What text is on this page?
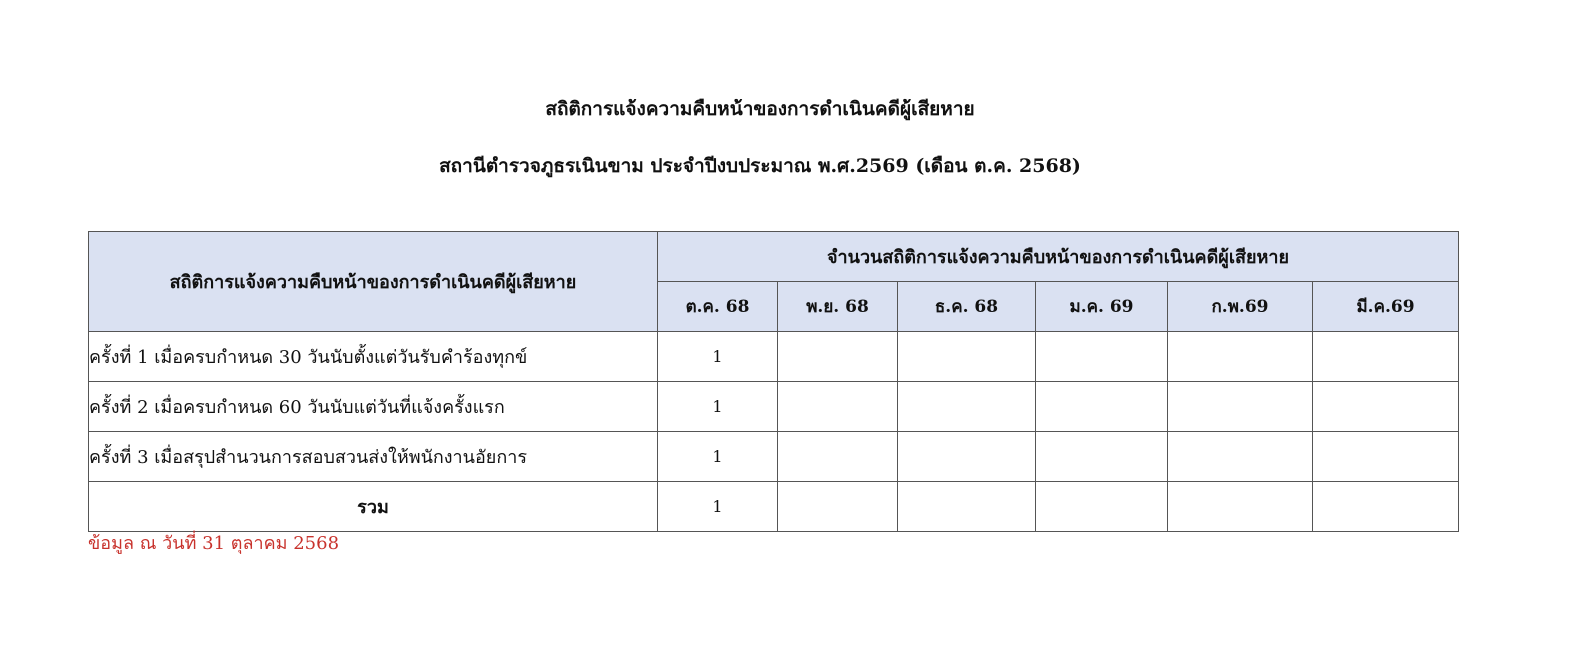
สถิติการแจ้งความคืบหน้าของการดำเนินคดีผู้เสียหาย
สถานีตำรวจภูธรเนินขาม ประจำปีงบประมาณ พ.ศ.2569 (เดือน ต.ค. 2568)
สถิติการแจ้งความคืบหน้าของการดำเนินคดีผู้เสียหาย	จำนวนสถิติการแจ้งความคืบหน้าของการดำเนินคดีผู้เสียหาย					
	ต.ค. 68	พ.ย. 68	ธ.ค. 68	ม.ค. 69	ก.พ.69	มี.ค.69
ครั้งที่ 1 เมื่อครบกำหนด 30 วันนับตั้งแต่วันรับคำร้องทุกข์	1					
ครั้งที่ 2 เมื่อครบกำหนด 60 วันนับแต่วันที่แจ้งครั้งแรก	1					
ครั้งที่ 3 เมื่อสรุปสำนวนการสอบสวนส่งให้พนักงานอัยการ	1					
รวม	1					
ข้อมูล ณ วันที่ 31 ตุลาคม 2568
